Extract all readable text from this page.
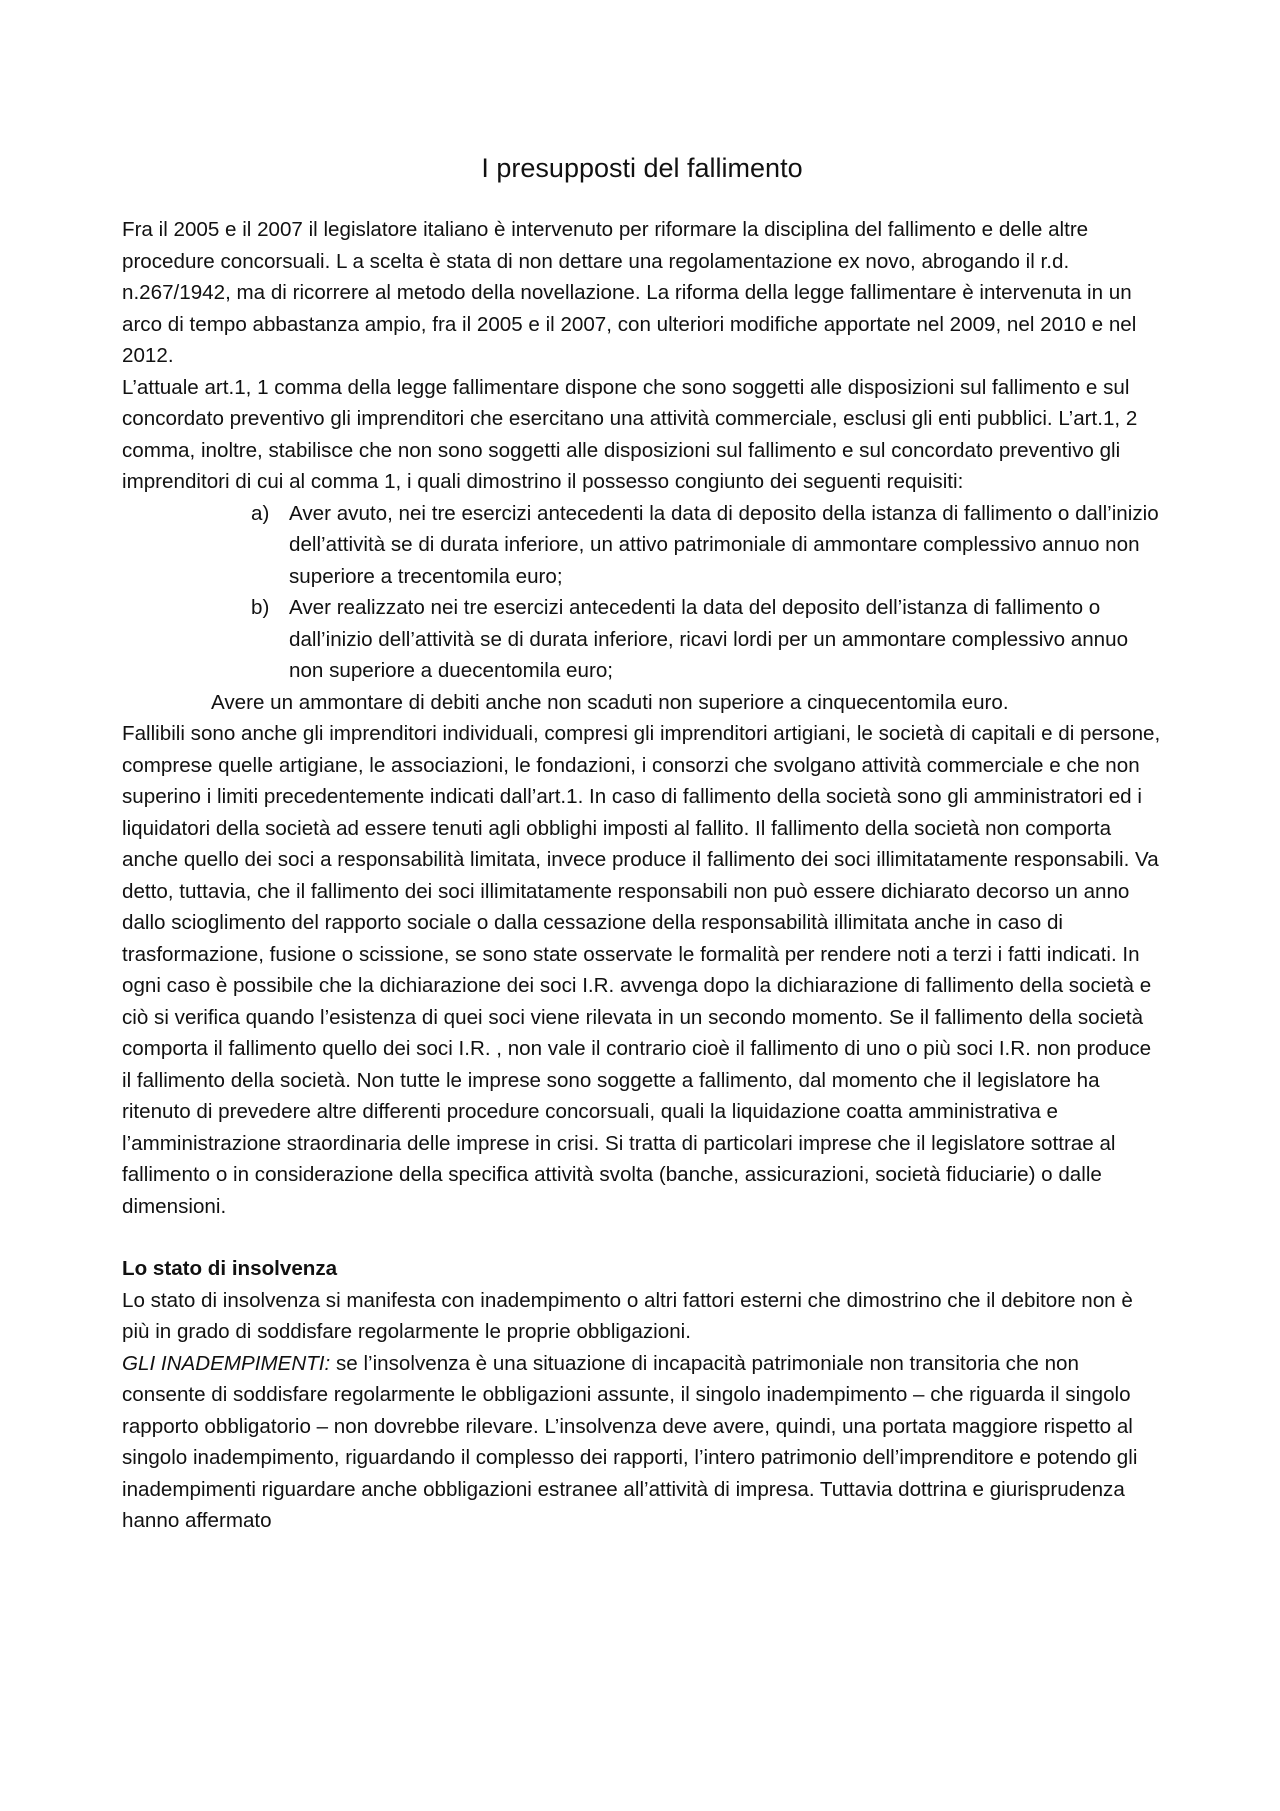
I presupposti del fallimento

Fra il 2005 e il 2007 il legislatore italiano è intervenuto per riformare la disciplina del fallimento e delle altre procedure concorsuali. L a scelta è stata di non dettare una regolamentazione ex novo, abrogando il r.d. n.267/1942, ma di ricorrere al metodo della novellazione. La riforma della legge fallimentare è intervenuta in un arco di tempo abbastanza ampio, fra il 2005 e il 2007, con ulteriori modifiche apportate nel 2009, nel 2010 e nel 2012.

L’attuale art.1, 1 comma della legge fallimentare dispone che sono soggetti alle disposizioni sul fallimento e sul concordato preventivo gli imprenditori che esercitano una attività commerciale, esclusi gli enti pubblici. L’art.1, 2 comma, inoltre, stabilisce che non sono soggetti alle disposizioni sul fallimento e sul concordato preventivo gli imprenditori di cui al comma 1, i quali dimostrino il possesso congiunto dei seguenti requisiti:

a) Aver avuto, nei tre esercizi antecedenti la data di deposito della istanza di fallimento o dall’inizio dell’attività se di durata inferiore, un attivo patrimoniale di ammontare complessivo annuo non superiore a trecentomila euro;
b) Aver realizzato nei tre esercizi antecedenti la data del deposito dell’istanza di fallimento o dall’inizio dell’attività se di durata inferiore, ricavi lordi per un ammontare complessivo annuo non superiore a duecentomila euro;

Avere un ammontare di debiti anche non scaduti non superiore a cinquecentomila euro.

Fallibili sono anche gli imprenditori individuali, compresi gli imprenditori artigiani, le società di capitali e di persone, comprese quelle artigiane, le associazioni, le fondazioni, i consorzi che svolgano attività commerciale e che non superino i limiti precedentemente indicati dall’art.1. In caso di fallimento della società sono gli amministratori ed i liquidatori della società ad essere tenuti agli obblighi imposti al fallito. Il fallimento della società non comporta anche quello dei soci a responsabilità limitata, invece produce il fallimento dei soci illimitatamente responsabili. Va detto, tuttavia, che il fallimento dei soci illimitatamente responsabili non può essere dichiarato decorso un anno dallo scioglimento del rapporto sociale o dalla cessazione della responsabilità illimitata anche in caso di trasformazione, fusione o scissione, se sono state osservate le formalità per rendere noti a terzi i fatti indicati. In ogni caso è possibile che la dichiarazione dei soci I.R. avvenga dopo la dichiarazione di fallimento della società e ciò si verifica quando l’esistenza di quei soci viene rilevata in un secondo momento. Se il fallimento della società comporta il fallimento quello dei soci I.R. , non vale il contrario cioè il fallimento di uno o più soci I.R. non produce il fallimento della società. Non tutte le imprese sono soggette a fallimento, dal momento che il legislatore ha ritenuto di prevedere altre differenti procedure concorsuali, quali la liquidazione coatta amministrativa e l’amministrazione straordinaria delle imprese in crisi. Si tratta di particolari imprese che il legislatore sottrae al fallimento o in considerazione della specifica attività svolta (banche, assicurazioni, società fiduciarie) o dalle dimensioni.

Lo stato di insolvenza

Lo stato di insolvenza si manifesta con inadempimento o altri fattori esterni che dimostrino che il debitore non è più in grado di soddisfare regolarmente le proprie obbligazioni.

GLI INADEMPIMENTI: se l’insolvenza è una situazione di incapacità patrimoniale non transitoria che non consente di soddisfare regolarmente le obbligazioni assunte, il singolo inadempimento – che riguarda il singolo rapporto obbligatorio – non dovrebbe rilevare. L’insolvenza deve avere, quindi, una portata maggiore rispetto al singolo inadempimento, riguardando il complesso dei rapporti, l’intero patrimonio dell’imprenditore e potendo gli inadempimenti riguardare anche obbligazioni estranee all’attività di impresa. Tuttavia dottrina e giurisprudenza hanno affermato
